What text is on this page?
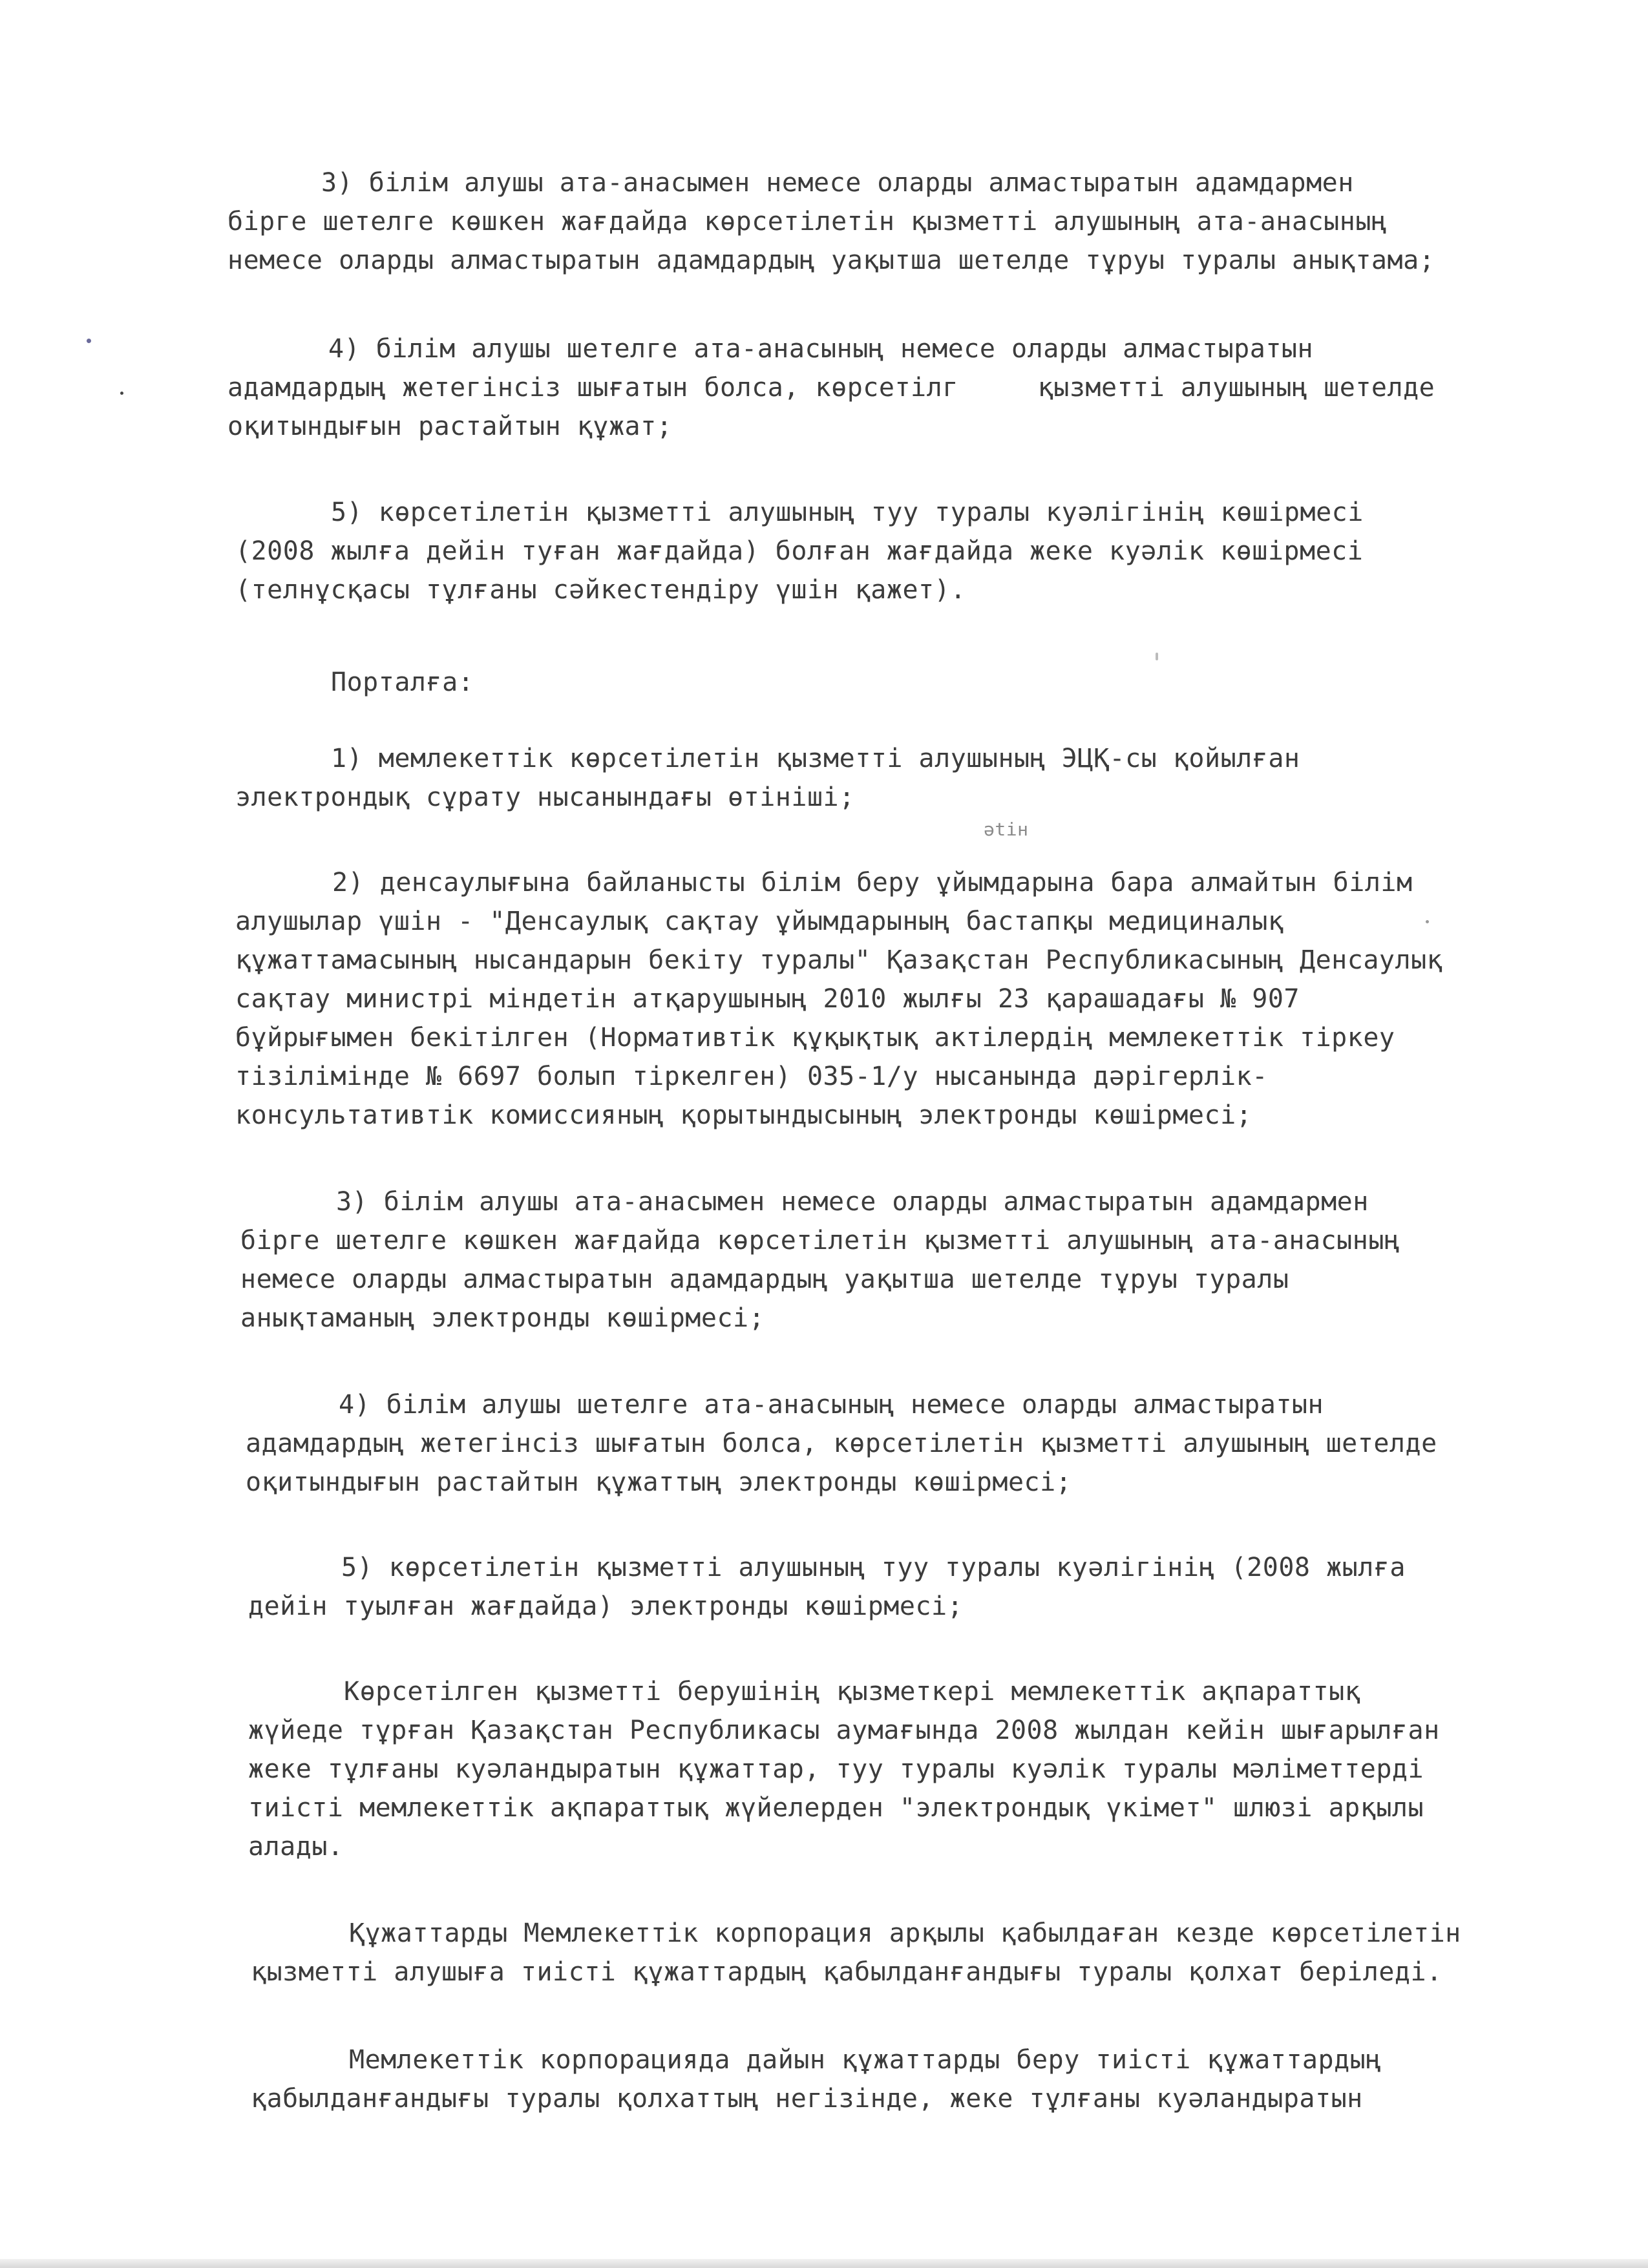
3) білім алушы ата-анасымен немесе оларды алмастыратын адамдармен
бірге шетелге көшкен жағдайда көрсетілетін қызметті алушының ата-анасының
немесе оларды алмастыратын адамдардың уақытша шетелде тұруы туралы анықтама;
4) білім алушы шетелге ата-анасының немесе оларды алмастыратын
адамдардың жетегінсіз шығатын болса, көрсетілг     қызметті алушының шетелде
оқитындығын растайтын құжат;
5) көрсетілетін қызметті алушының туу туралы куәлігінің көшірмесі
(2008 жылға дейін туған жағдайда) болған жағдайда жеке куәлік көшірмесі
(телнұсқасы тұлғаны сәйкестендіру үшін қажет).
Порталға:
1) мемлекеттік көрсетілетін қызметті алушының ЭЦҚ-сы қойылған
электрондық сұрату нысанындағы өтініші;
ətін
2) денсаулығына байланысты білім беру ұйымдарына бара алмайтын білім
алушылар үшін - "Денсаулық сақтау ұйымдарының бастапқы медициналық
құжаттамасының нысандарын бекіту туралы" Қазақстан Республикасының Денсаулық
сақтау министрі міндетін атқарушының 2010 жылғы 23 қарашадағы № 907
бұйрығымен бекітілген (Нормативтік құқықтық актілердің мемлекеттік тіркеу
тізілімінде № 6697 болып тіркелген) 035-1/у нысанында дәрігерлік-
консультативтік комиссияның қорытындысының электронды көшірмесі;
3) білім алушы ата-анасымен немесе оларды алмастыратын адамдармен
бірге шетелге көшкен жағдайда көрсетілетін қызметті алушының ата-анасының
немесе оларды алмастыратын адамдардың уақытша шетелде тұруы туралы
анықтаманың электронды көшірмесі;
4) білім алушы шетелге ата-анасының немесе оларды алмастыратын
адамдардың жетегінсіз шығатын болса, көрсетілетін қызметті алушының шетелде
оқитындығын растайтын құжаттың электронды көшірмесі;
5) көрсетілетін қызметті алушының туу туралы куәлігінің (2008 жылға
дейін туылған жағдайда) электронды көшірмесі;
Көрсетілген қызметті берушінің қызметкері мемлекеттік ақпараттық
жүйеде тұрған Қазақстан Республикасы аумағында 2008 жылдан кейін шығарылған
жеке тұлғаны куәландыратын құжаттар, туу туралы куәлік туралы мәліметтерді
тиісті мемлекеттік ақпараттық жүйелерден "электрондық үкімет" шлюзі арқылы
алады.
Құжаттарды Мемлекеттік корпорация арқылы қабылдаған кезде көрсетілетін
қызметті алушыға тиісті құжаттардың қабылданғандығы туралы қолхат беріледі.
Мемлекеттік корпорацияда дайын құжаттарды беру тиісті құжаттардың
қабылданғандығы туралы қолхаттың негізінде, жеке тұлғаны куәландыратын
